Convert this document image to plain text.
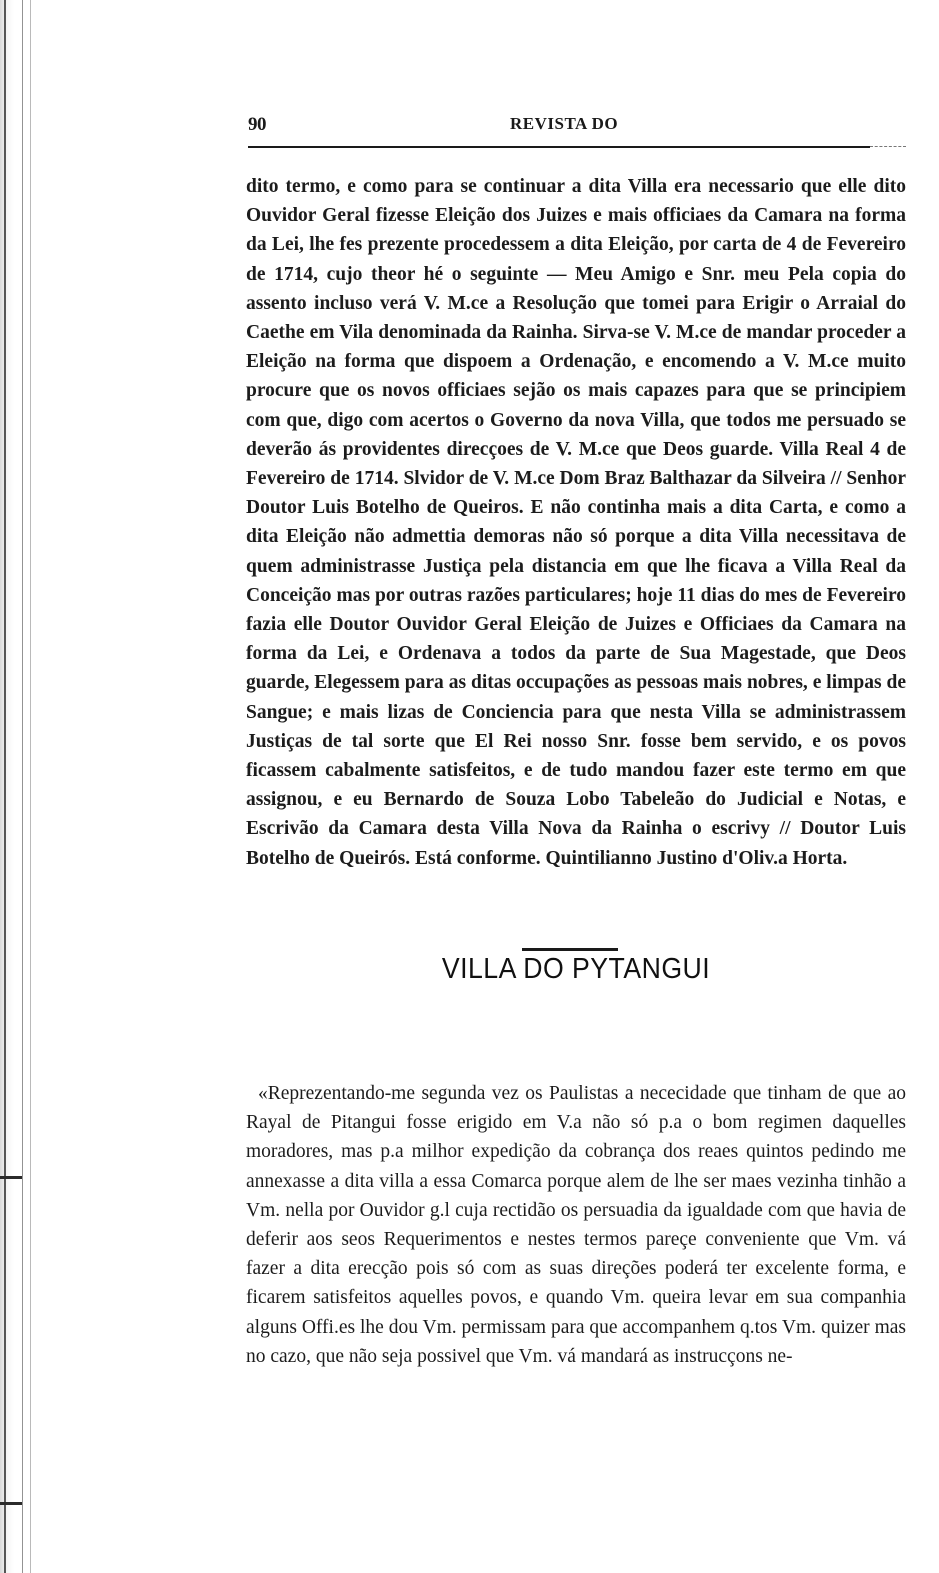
90	REVISTA DO

dito termo, e como para se continuar a dita Villa era necessario que elle dito Ouvidor Geral fizesse Eleição dos Juizes e mais officiaes da Camara na forma da Lei, lhe fes prezente procedessem a dita Eleição, por carta de 4 de Fevereiro de 1714, cujo theor hé o seguinte — Meu Amigo e Snr. meu Pela copia do assento incluso verá V. M.ce a Resolução que tomei para Erigir o Arraial do Caethe em Vila denominada da Rainha. Sirva-se V. M.ce de mandar proceder a Eleição na forma que dispoem a Ordenação, e encomendo a V. M.ce muito procure que os novos officiaes sejão os mais capazes para que se principiem com que, digo com acertos o Governo da nova Villa, que todos me persuado se deverão ás providentes direcçoes de V. M.ce que Deos guarde. Villa Real 4 de Fevereiro de 1714. Slvidor de V. M.ce Dom Braz Balthazar da Silveira // Senhor Doutor Luis Botelho de Queiros. E não continha mais a dita Carta, e como a dita Eleição não admettia demoras não só porque a dita Villa necessitava de quem administrasse Justiça pela distancia em que lhe ficava a Villa Real da Conceição mas por outras razões particulares; hoje 11 dias do mes de Fevereiro fazia elle Doutor Ouvidor Geral Eleição de Juizes e Officiaes da Camara na forma da Lei, e Ordenava a todos da parte de Sua Magestade, que Deos guarde, Elegessem para as ditas occupações as pessoas mais nobres, e limpas de Sangue; e mais lizas de Conciencia para que nesta Villa se administrassem Justiças de tal sorte que El Rei nosso Snr. fosse bem servido, e os povos ficassem cabalmente satisfeitos, e de tudo mandou fazer este termo em que assignou, e eu Bernardo de Souza Lobo Tabeleão do Judicial e Notas, e Escrivão da Camara desta Villa Nova da Rainha o escrivy // Doutor Luis Botelho de Queirós. Está conforme. Quintilianno Justino d'Oliv.a Horta.

VILLA DO PYTANGUI

«Reprezentando-me segunda vez os Paulistas a nececidade que tinham de que ao Rayal de Pitangui fosse erigido em V.a não só p.a o bom regimen daquelles moradores, mas p.a milhor expedição da cobrança dos reaes quintos pedindo me annexasse a dita villa a essa Comarca porque alem de lhe ser maes vezinha tinhão a Vm. nella por Ouvidor g.l cuja rectidão os persuadia da igualdade com que havia de deferir aos seos Requerimentos e nestes termos pareçe conveniente que Vm. vá fazer a dita erecção pois só com as suas direções poderá ter excelente forma, e ficarem satisfeitos aquelles povos, e quando Vm. queira levar em sua companhia alguns Offi.es lhe dou Vm. permissam para que accompanhem q.tos Vm. quizer mas no cazo, que não seja possivel que Vm. vá mandará as instrucçons ne-
